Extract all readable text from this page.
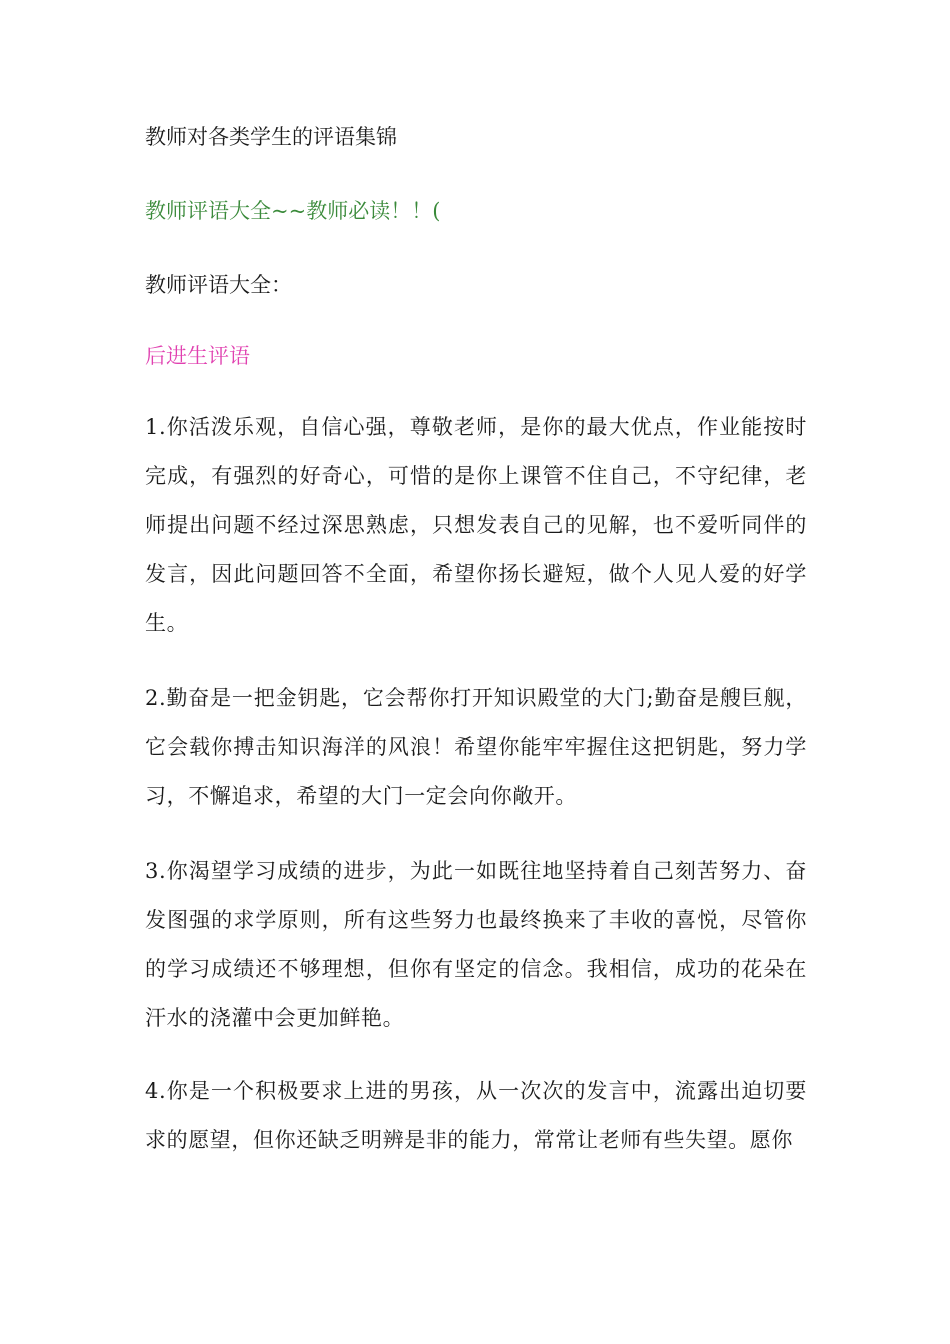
教师对各类学生的评语集锦

教师评语大全~~教师必读！！(

教师评语大全：

后进生评语

1.你活泼乐观，自信心强，尊敬老师，是你的最大优点，作业能按时完成，有强烈的好奇心，可惜的是你上课管不住自己，不守纪律，老师提出问题不经过深思熟虑，只想发表自己的见解，也不爱听同伴的发言，因此问题回答不全面，希望你扬长避短，做个人见人爱的好学生。

2.勤奋是一把金钥匙，它会帮你打开知识殿堂的大门;勤奋是艘巨舰，它会载你搏击知识海洋的风浪！希望你能牢牢握住这把钥匙，努力学习，不懈追求，希望的大门一定会向你敞开。

3.你渴望学习成绩的进步，为此一如既往地坚持着自己刻苦努力、奋发图强的求学原则，所有这些努力也最终换来了丰收的喜悦，尽管你的学习成绩还不够理想，但你有坚定的信念。我相信，成功的花朵在汗水的浇灌中会更加鲜艳。

4.你是一个积极要求上进的男孩，从一次次的发言中，流露出迫切要求的愿望，但你还缺乏明辨是非的能力，常常让老师有些失望。愿你
